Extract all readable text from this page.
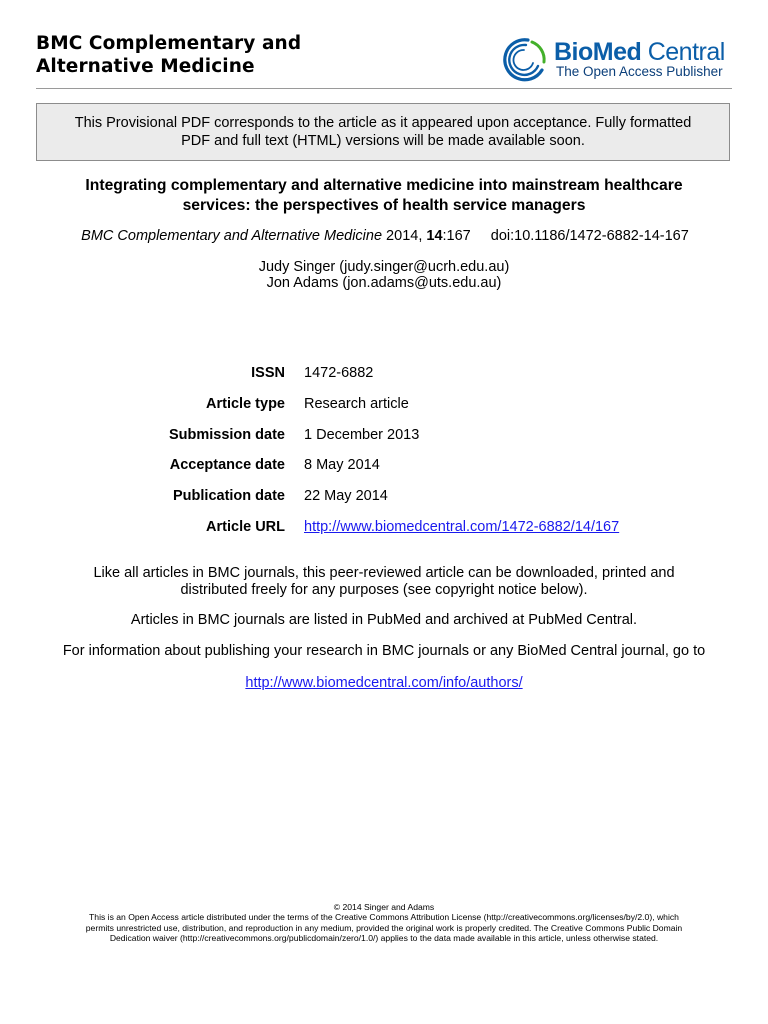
BMC Complementary and
Alternative Medicine
BioMed Central
The Open Access Publisher
This Provisional PDF corresponds to the article as it appeared upon acceptance. Fully formatted
PDF and full text (HTML) versions will be made available soon.
Integrating complementary and alternative medicine into mainstream healthcare
services: the perspectives of health service managers
BMC Complementary and Alternative Medicine 2014, 14:167 doi:10.1186/1472-6882-14-167
Judy Singer (judy.singer@ucrh.edu.au)
Jon Adams (jon.adams@uts.edu.au)
ISSN 1472-6882
Article type Research article
Submission date 1 December 2013
Acceptance date 8 May 2014
Publication date 22 May 2014
Article URL http://www.biomedcentral.com/1472-6882/14/167
Like all articles in BMC journals, this peer-reviewed article can be downloaded, printed and
distributed freely for any purposes (see copyright notice below).
Articles in BMC journals are listed in PubMed and archived at PubMed Central.
For information about publishing your research in BMC journals or any BioMed Central journal, go to
http://www.biomedcentral.com/info/authors/
© 2014 Singer and Adams
This is an Open Access article distributed under the terms of the Creative Commons Attribution License (http://creativecommons.org/licenses/by/2.0), which
permits unrestricted use, distribution, and reproduction in any medium, provided the original work is properly credited. The Creative Commons Public Domain
Dedication waiver (http://creativecommons.org/publicdomain/zero/1.0/) applies to the data made available in this article, unless otherwise stated.
